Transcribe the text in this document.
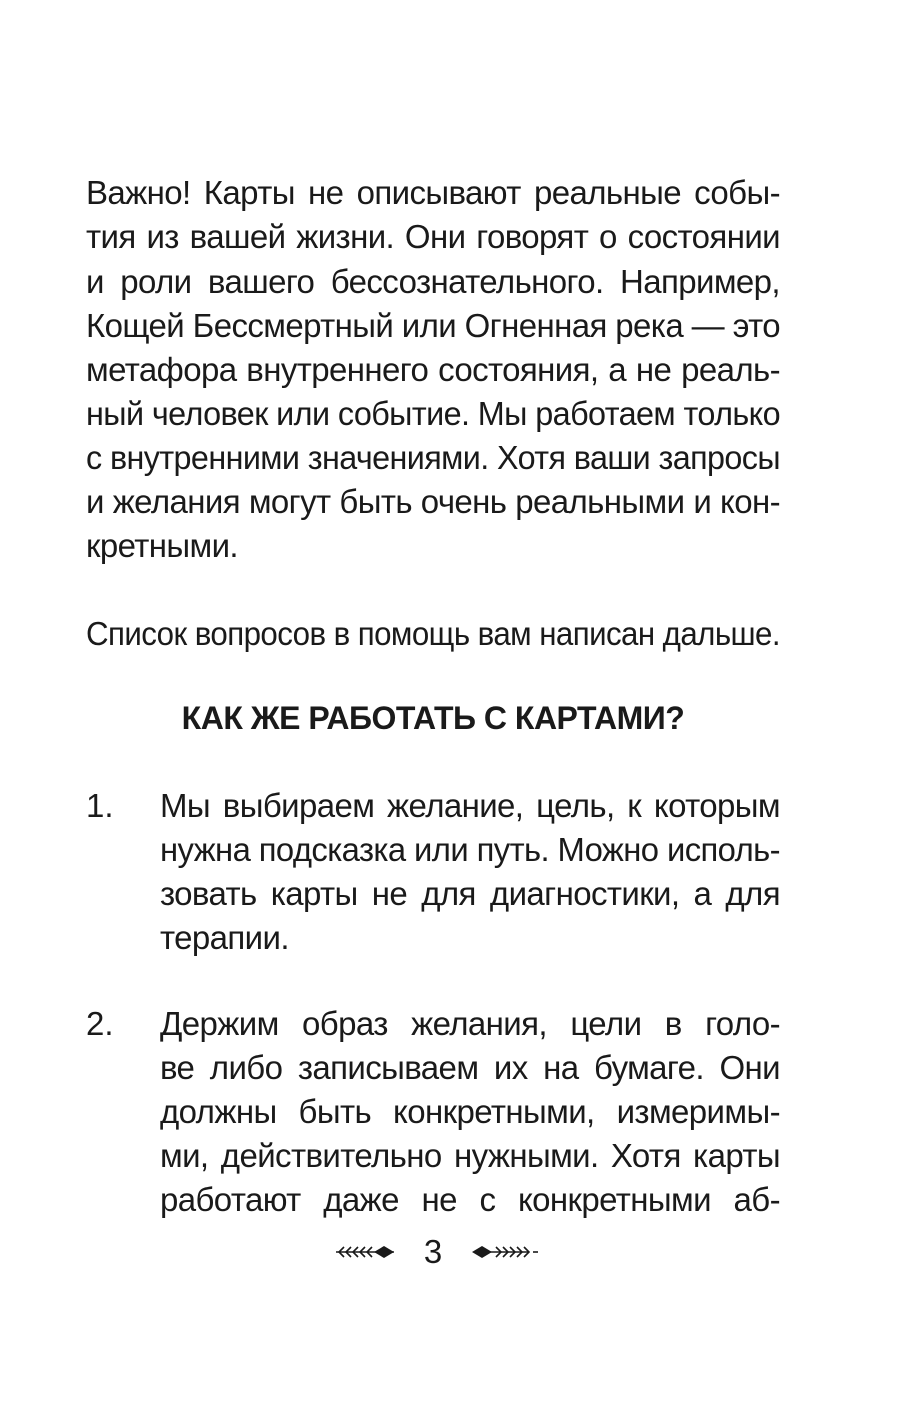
Важно! Карты не описывают реальные собы-
тия из вашей жизни. Они говорят о состоянии
и роли вашего бессознательного. Например,
Кощей Бессмертный или Огненная река — это
метафора внутреннего состояния, а не реаль-
ный человек или событие. Мы работаем только
с внутренними значениями. Хотя ваши запросы
и желания могут быть очень реальными и кон-
кретными.
Список вопросов в помощь вам написан дальше.
КАК ЖЕ РАБОТАТЬ С КАРТАМИ?
1.	Мы выбираем желание, цель, к которым
нужна подсказка или путь. Можно исполь-
зовать карты не для диагностики, а для
терапии.
2.	Держим образ желания, цели в голо-
ве либо записываем их на бумаге. Они
должны быть конкретными, измеримы-
ми, действительно нужными. Хотя карты
работают даже не с конкретными аб-
3
